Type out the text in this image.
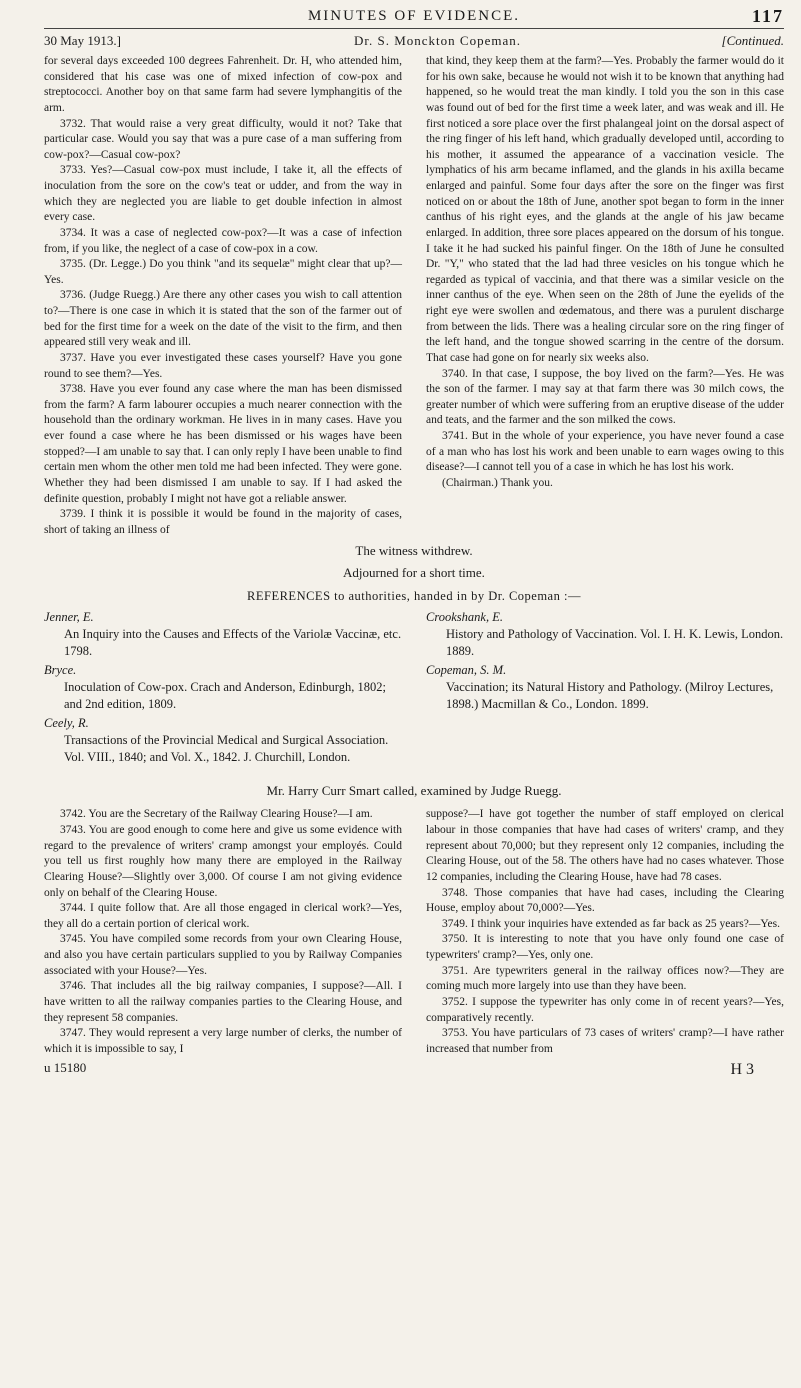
MINUTES OF EVIDENCE.	117
30 May 1913.]	Dr. S. Monckton Copeman.	[Continued.

for several days exceeded 100 degrees Fahrenheit. Dr. H, who attended him, considered that his case was one of mixed infection of cow-pox and streptococci. Another boy on that same farm had severe lymphangitis of the arm.

3732. That would raise a very great difficulty, would it not? Take that particular case. Would you say that was a pure case of a man suffering from cow-pox?—Casual cow-pox?

3733. Yes?—Casual cow-pox must include, I take it, all the effects of inoculation from the sore on the cow's teat or udder, and from the way in which they are neglected you are liable to get double infection in almost every case.

3734. It was a case of neglected cow-pox?—It was a case of infection from, if you like, the neglect of a case of cow-pox in a cow.

3735. (Dr. Legge.) Do you think "and its sequelæ" might clear that up?—Yes.

3736. (Judge Ruegg.) Are there any other cases you wish to call attention to?—There is one case in which it is stated that the son of the farmer out of bed for the first time for a week on the date of the visit to the firm, and then appeared still very weak and ill.

3737. Have you ever investigated these cases yourself? Have you gone round to see them?—Yes.

3738. Have you ever found any case where the man has been dismissed from the farm? A farm labourer occupies a much nearer connection with the household than the ordinary workman. He lives in in many cases. Have you ever found a case where he has been dismissed or his wages have been stopped?—I am unable to say that. I can only reply I have been unable to find certain men whom the other men told me had been infected. They were gone. Whether they had been dismissed I am unable to say. If I had asked the definite question, probably I might not have got a reliable answer.

3739. I think it is possible it would be found in the majority of cases, short of taking an illness of

that kind, they keep them at the farm?—Yes. Probably the farmer would do it for his own sake, because he would not wish it to be known that anything had happened, so he would treat the man kindly. I told you the son in this case was found out of bed for the first time a week later, and was weak and ill. He first noticed a sore place over the first phalangeal joint on the dorsal aspect of the ring finger of his left hand, which gradually developed until, according to his mother, it assumed the appearance of a vaccination vesicle. The lymphatics of his arm became inflamed, and the glands in his axilla became enlarged and painful. Some four days after the sore on the finger was first noticed on or about the 18th of June, another spot began to form in the inner canthus of his right eyes, and the glands at the angle of his jaw became enlarged. In addition, three sore places appeared on the dorsum of his tongue. I take it he had sucked his painful finger. On the 18th of June he consulted Dr. "Y," who stated that the lad had three vesicles on his tongue which he regarded as typical of vaccinia, and that there was a similar vesicle on the inner canthus of the eye. When seen on the 28th of June the eyelids of the right eye were swollen and œdematous, and there was a purulent discharge from between the lids. There was a healing circular sore on the ring finger of the left hand, and the tongue showed scarring in the centre of the dorsum. That case had gone on for nearly six weeks also.

3740. In that case, I suppose, the boy lived on the farm?—Yes. He was the son of the farmer. I may say at that farm there was 30 milch cows, the greater number of which were suffering from an eruptive disease of the udder and teats, and the farmer and the son milked the cows.

3741. But in the whole of your experience, you have never found a case of a man who has lost his work and been unable to earn wages owing to this disease?—I cannot tell you of a case in which he has lost his work.

(Chairman.) Thank you.

The witness withdrew.
Adjourned for a short time.
REFERENCES to authorities, handed in by Dr. Copeman :—
Jenner, E.
An Inquiry into the Causes and Effects of the Variolæ Vaccinæ, etc. 1798.
Bryce.
Inoculation of Cow-pox. Crach and Anderson, Edinburgh, 1802; and 2nd edition, 1809.
Ceely, R.
Transactions of the Provincial Medical and Surgical Association. Vol. VIII., 1840; and Vol. X., 1842. J. Churchill, London.
Crookshank, E.
History and Pathology of Vaccination. Vol. I. H. K. Lewis, London. 1889.
Copeman, S. M.
Vaccination; its Natural History and Pathology. (Milroy Lectures, 1898.) Macmillan & Co., London. 1899.
Mr. Harry Curr Smart called, examined by Judge Ruegg.

3742. You are the Secretary of the Railway Clearing House?—I am.

3743. You are good enough to come here and give us some evidence with regard to the prevalence of writers' cramp amongst your employés. Could you tell us first roughly how many there are employed in the Railway Clearing House?—Slightly over 3,000. Of course I am not giving evidence only on behalf of the Clearing House.

3744. I quite follow that. Are all those engaged in clerical work?—Yes, they all do a certain portion of clerical work.

3745. You have compiled some records from your own Clearing House, and also you have certain particulars supplied to you by Railway Companies associated with your House?—Yes.

3746. That includes all the big railway companies, I suppose?—All. I have written to all the railway companies parties to the Clearing House, and they represent 58 companies.

3747. They would represent a very large number of clerks, the number of which it is impossible to say, I

suppose?—I have got together the number of staff employed on clerical labour in those companies that have had cases of writers' cramp, and they represent about 70,000; but they represent only 12 companies, including the Clearing House, out of the 58. The others have had no cases whatever. Those 12 companies, including the Clearing House, have had 78 cases.

3748. Those companies that have had cases, including the Clearing House, employ about 70,000?—Yes.

3749. I think your inquiries have extended as far back as 25 years?—Yes.

3750. It is interesting to note that you have only found one case of typewriters' cramp?—Yes, only one.

3751. Are typewriters general in the railway offices now?—They are coming much more largely into use than they have been.

3752. I suppose the typewriter has only come in of recent years?—Yes, comparatively recently.

3753. You have particulars of 73 cases of writers' cramp?—I have rather increased that number from

u 15180	H 3
